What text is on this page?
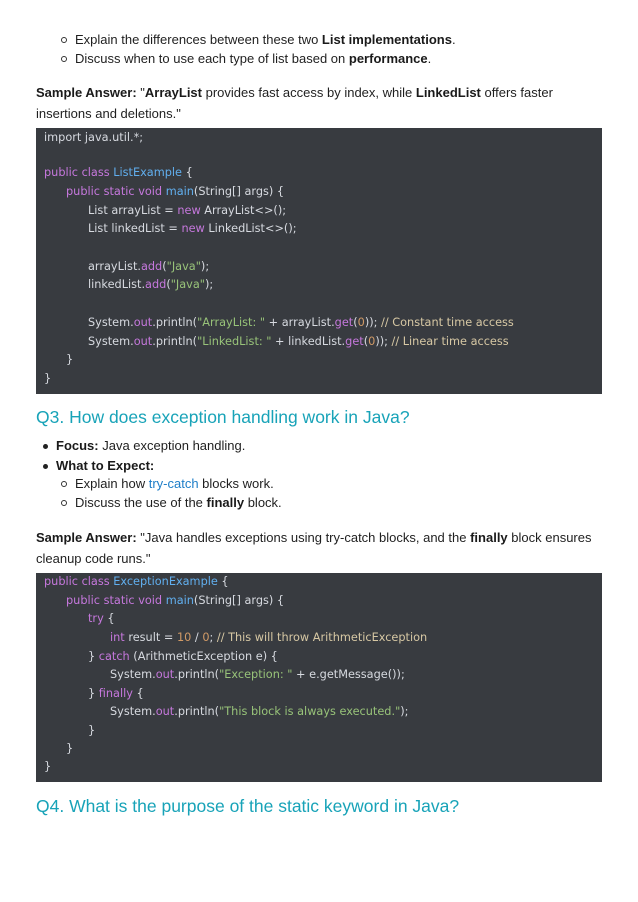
Explain the differences between these two List implementations.
Discuss when to use each type of list based on performance.
Sample Answer: "ArrayList provides fast access by index, while LinkedList offers faster insertions and deletions."
import java.util.*;
public class ListExample {
public static void main(String[] args) {
List arrayList = new ArrayList<>();
List linkedList = new LinkedList<>();
arrayList.add("Java");
linkedList.add("Java");
System.out.println("ArrayList: " + arrayList.get(0)); // Constant time access
System.out.println("LinkedList: " + linkedList.get(0)); // Linear time access
}
}
Q3. How does exception handling work in Java?
Focus: Java exception handling.
What to Expect:
Explain how try-catch blocks work.
Discuss the use of the finally block.
Sample Answer: "Java handles exceptions using try-catch blocks, and the finally block ensures cleanup code runs."
public class ExceptionExample {
public static void main(String[] args) {
try {
int result = 10 / 0; // This will throw ArithmeticException
} catch (ArithmeticException e) {
System.out.println("Exception: " + e.getMessage());
} finally {
System.out.println("This block is always executed.");
}
}
}
Q4. What is the purpose of the static keyword in Java?
